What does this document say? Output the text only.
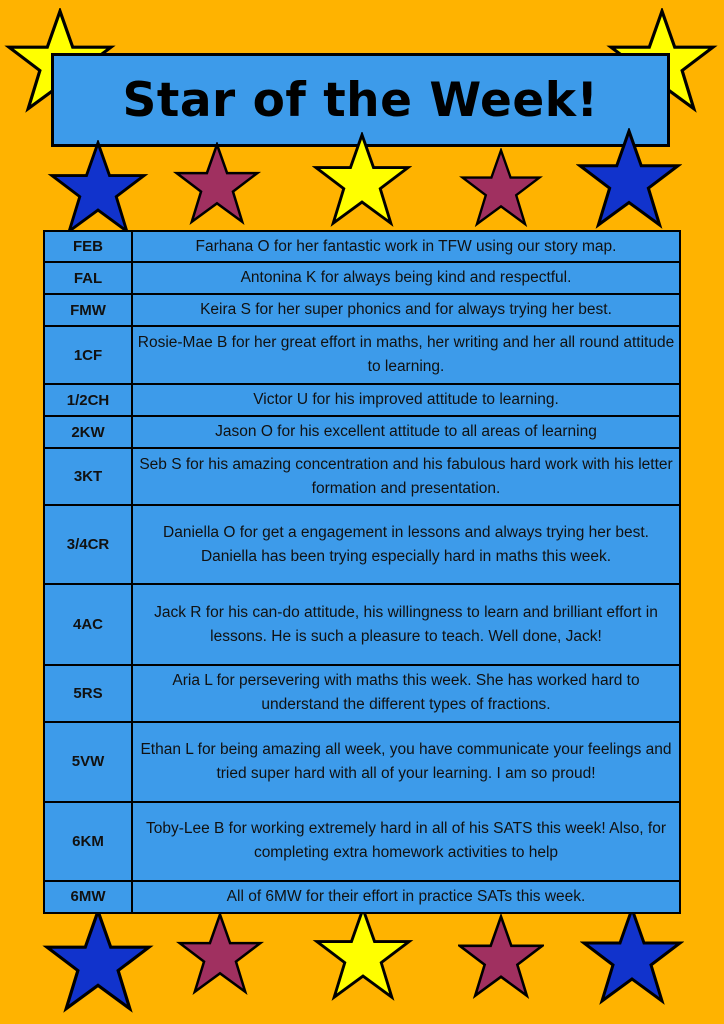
Star of the Week!
FEB	Farhana O for her fantastic work in TFW using our story map.
FAL	Antonina K for always being kind and respectful.
FMW	Keira S for her super phonics and for always trying her best.
1CF	Rosie-Mae B for her great effort in maths, her writing and her all round attitude to learning.
1/2CH	Victor U for his improved attitude to learning.
2KW	Jason O for his excellent attitude to all areas of learning
3KT	Seb S for his amazing concentration and his fabulous hard work with his letter formation and presentation.
3/4CR	Daniella O for get a engagement in lessons and always trying her best. Daniella has been trying especially hard in maths this week.
4AC	Jack R for his can-do attitude, his willingness to learn and brilliant effort in lessons. He is such a pleasure to teach. Well done, Jack!
5RS	Aria L for persevering with maths this week. She has worked hard to understand the different types of fractions.
5VW	Ethan L for being amazing all week, you have communicate your feelings and tried super hard with all of your learning. I am so proud!
6KM	Toby-Lee B for working extremely hard in all of his SATS this week! Also, for completing extra homework activities to help
6MW	All of 6MW for their effort in practice SATs this week.
